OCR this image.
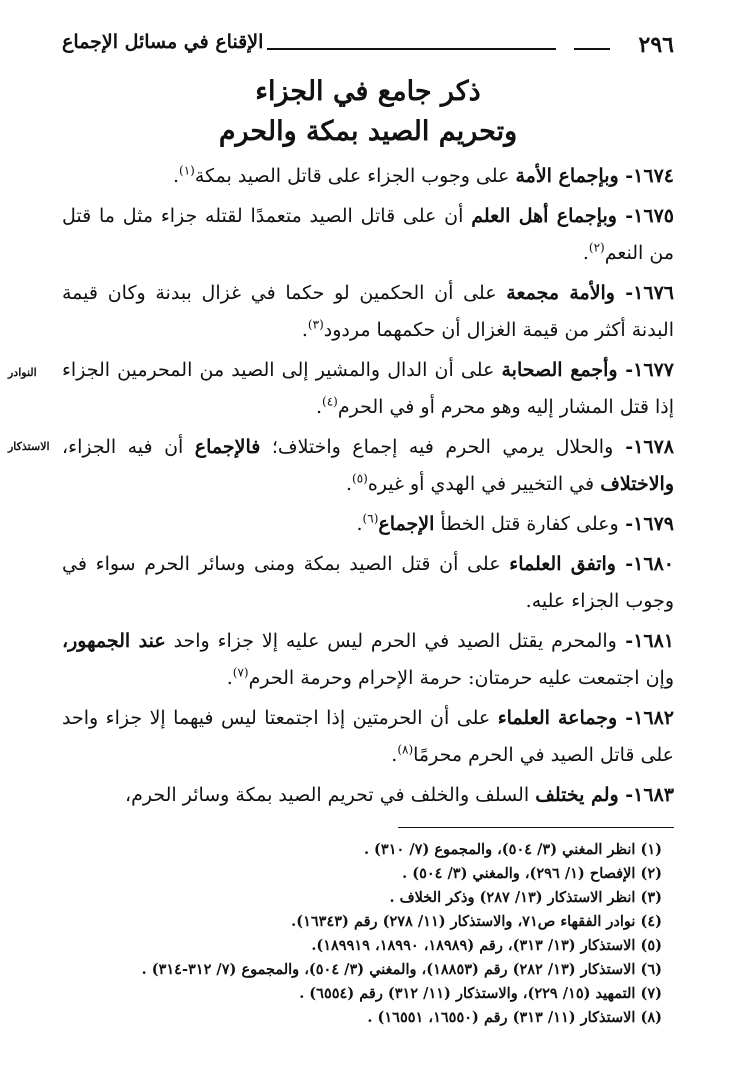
٢٩٦
الإقناع في مسائل الإجماع

ذكر جامع في الجزاء

وتحريم الصيد بمكة والحرم

النوادر
الاستذكار

١٦٧٤- وبإجماع الأمة على وجوب الجزاء على قاتل الصيد بمكة$^{(١)}$.

١٦٧٥- وبإجماع أهل العلم أن على قاتل الصيد متعمدًا لقتله جزاء مثل ما قتل من النعم$^{(٢)}$.

١٦٧٦- والأمة مجمعة على أن الحكمين لو حكما في غزال ببدنة وكان قيمة البدنة أكثر من قيمة الغزال أن حكمهما مردود$^{(٣)}$.

١٦٧٧- وأجمع الصحابة على أن الدال والمشير إلى الصيد من المحرمين الجزاء إذا قتل المشار إليه وهو محرم أو في الحرم$^{(٤)}$.

١٦٧٨- والحلال يرمي الحرم فيه إجماع واختلاف؛ فالإجماع أن فيه الجزاء، والاختلاف في التخيير في الهدي أو غيره$^{(٥)}$.

١٦٧٩- وعلى كفارة قتل الخطأ الإجماع$^{(٦)}$.

١٦٨٠- واتفق العلماء على أن قتل الصيد بمكة ومنى وسائر الحرم سواء في وجوب الجزاء عليه.

١٦٨١- والمحرم يقتل الصيد في الحرم ليس عليه إلا جزاء واحد عند الجمهور، وإن اجتمعت عليه حرمتان: حرمة الإحرام وحرمة الحرم$^{(٧)}$.

١٦٨٢- وجماعة العلماء على أن الحرمتين إذا اجتمعتا ليس فيهما إلا جزاء واحد على قاتل الصيد في الحرم محرمًا$^{(٨)}$.

١٦٨٣- ولم يختلف السلف والخلف في تحريم الصيد بمكة وسائر الحرم،

(١) انظر المغني (٣/ ٥٠٤)، والمجموع (٧/ ٣١٠) .

(٢) الإفصاح (١/ ٢٩٦)، والمغني (٣/ ٥٠٤) .

(٣) انظر الاستذكار (١٣/ ٢٨٧) وذكر الخلاف .

(٤) نوادر الفقهاء ص٧١، والاستذكار (١١/ ٢٧٨) رقم (١٦٣٤٣).

(٥) الاستذكار (١٣/ ٣١٣)، رقم (١٨٩٨٩، ١٨٩٩٠، ١٨٩٩١٩).

(٦) الاستذكار (١٣/ ٢٨٢) رقم (١٨٨٥٣)، والمغني (٣/ ٥٠٤)، والمجموع (٧/ ٣١٢-٣١٤) .

(٧) التمهيد (١٥/ ٢٢٩)، والاستذكار (١١/ ٣١٢) رقم (٦٥٥٤) .

(٨) الاستذكار (١١/ ٣١٣) رقم (١٦٥٥٠، ١٦٥٥١) .
